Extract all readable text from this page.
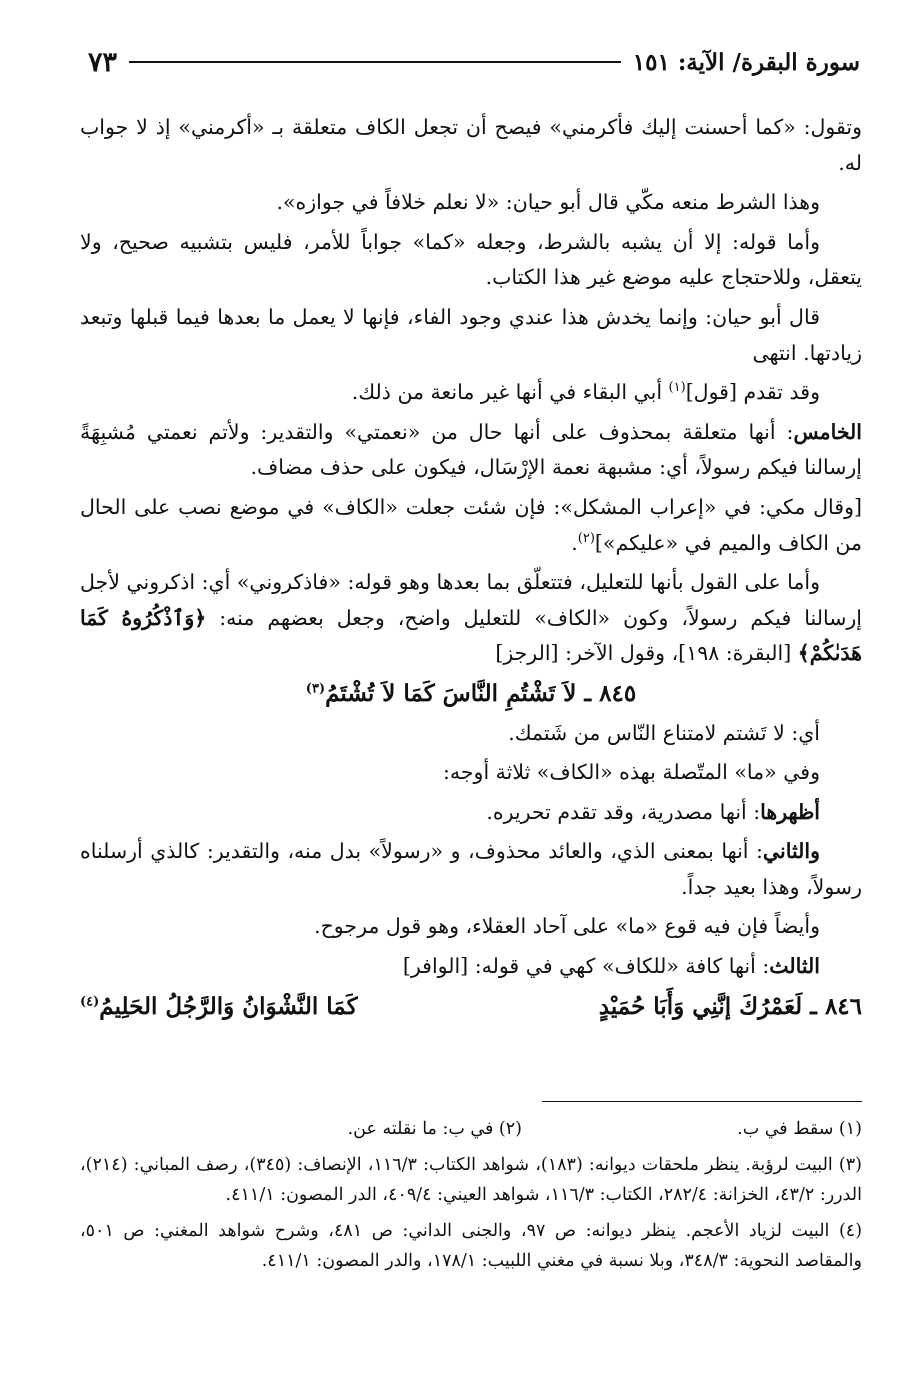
سورة البقرة/ الآية: ١٥١
٧٣

وتقول: «كما أحسنت إليك فأكرمني» فيصح أن تجعل الكاف متعلقة بـ «أكرمني» إذ لا جواب له.

وهذا الشرط منعه مكّي قال أبو حيان: «لا نعلم خلافاً في جوازه».

وأما قوله: إلا أن يشبه بالشرط، وجعله «كما» جواباً للأمر، فليس بتشبيه صحيح، ولا يتعقل، وللاحتجاج عليه موضع غير هذا الكتاب.

قال أبو حيان: وإنما يخدش هذا عندي وجود الفاء، فإنها لا يعمل ما بعدها فيما قبلها وتبعد زيادتها. انتهى

وقد تقدم [قول]$^{(١)}$ أبي البقاء في أنها غير مانعة من ذلك.

الخامس: أنها متعلقة بمحذوف على أنها حال من «نعمتي» والتقدير: ولأتم نعمتي مُشبِهَةً إرسالنا فيكم رسولاً، أي: مشبهة نعمة الإرْسَال، فيكون على حذف مضاف.

[وقال مكي: في «إعراب المشكل»: فإن شئت جعلت «الكاف» في موضع نصب على الحال من الكاف والميم في «عليكم»]$^{(٢)}$.

وأما على القول بأنها للتعليل، فتتعلّق بما بعدها وهو قوله: «فاذكروني» أي: اذكروني لأجل إرسالنا فيكم رسولاً، وكون «الكاف» للتعليل واضح، وجعل بعضهم منه: ﴿وَٱذْكُرُوهُ كَمَا هَدَىٰكُمْ﴾ [البقرة: ١٩٨]، وقول الآخر: [الرجز]

٨٤٥ ـ لاَ تَشْتُمِ النَّاسَ كَمَا لاَ تُشْتَمُ$^{(٣)}$

أي: لا تَشتم لامتناع النّاس من شَتمك.

وفي «ما» المتّصلة بهذه «الكاف» ثلاثة أوجه:

أظهرها: أنها مصدرية، وقد تقدم تحريره.

والثاني: أنها بمعنى الذي، والعائد محذوف، و «رسولاً» بدل منه، والتقدير: كالذي أرسلناه رسولاً، وهذا بعيد جداً.

وأيضاً فإن فيه قوع «ما» على آحاد العقلاء، وهو قول مرجوح.

الثالث: أنها كافة «للكاف» كهي في قوله: [الوافر]

٨٤٦ ـ لَعَمْرُكَ إنَّنِي وَأَبَا حُمَيْدٍ
كَمَا النَّشْوَانُ وَالرَّجُلُ الحَلِيمُ$^{(٤)}$

(١) سقط في ب.
(٢) في ب: ما نقلته عن.

(٣) البيت لرؤبة. ينظر ملحقات ديوانه: (١٨٣)، شواهد الكتاب: ١١٦/٣، الإنصاف: (٣٤٥)، رصف المباني: (٢١٤)، الدرر: ٤٣/٢، الخزانة: ٢٨٢/٤، الكتاب: ١١٦/٣، شواهد العيني: ٤٠٩/٤، الدر المصون: ٤١١/١.

(٤) البيت لزياد الأعجم. ينظر ديوانه: ص ٩٧، والجنى الداني: ص ٤٨١، وشرح شواهد المغني: ص ٥٠١، والمقاصد النحوية: ٣٤٨/٣، وبلا نسبة في مغني اللبيب: ١٧٨/١، والدر المصون: ٤١١/١.
